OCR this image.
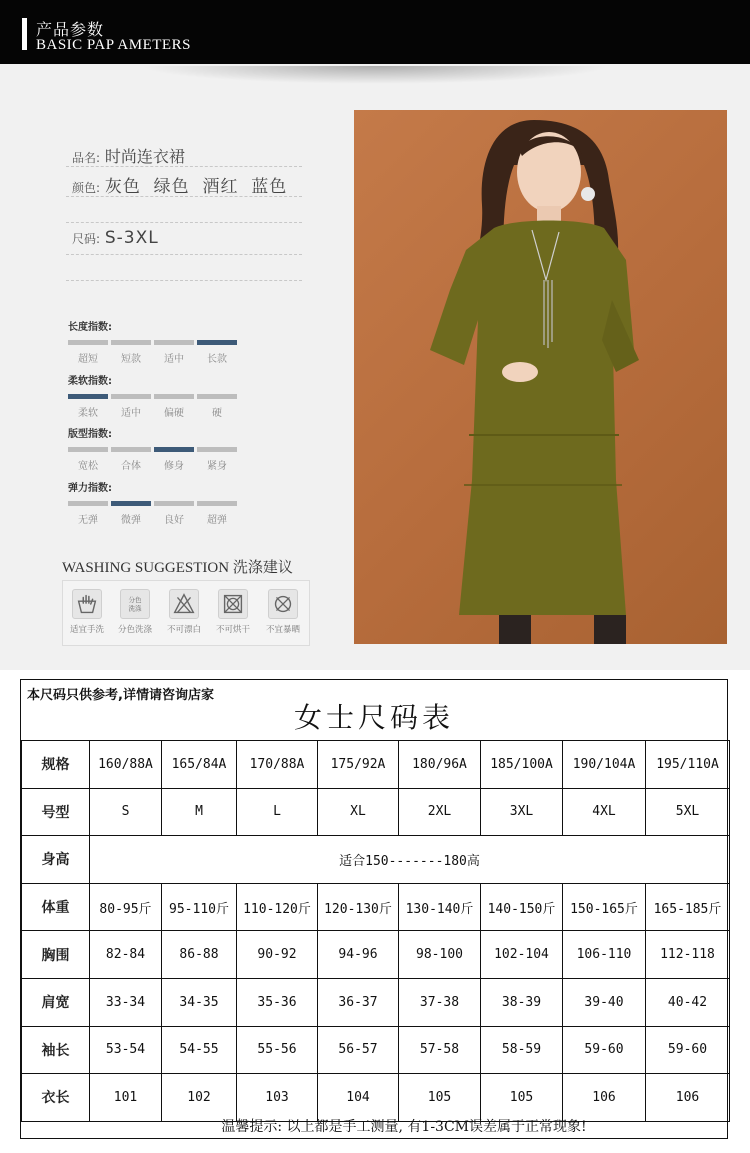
产品参数
BASIC PAP AMETERS
品名: 时尚连衣裙
颜色: 灰色  绿色  酒红  蓝色
尺码: S-3XL
长度指数:
超短	短款	适中	长款
柔软指数:
柔软	适中	偏硬	硬
版型指数:
宽松	合体	修身	紧身
弹力指数:
无弹	微弹	良好	超弹
WASHING SUGGESTION 洗涤建议
适宜手洗
分色
洗涤
分色洗涤	不可漂白	不可烘干	不宜暴晒
本尺码只供参考,详情请咨询店家
女士尺码表
规格	160/88A	165/84A	170/88A	175/92A	180/96A	185/100A	190/104A	195/110A
号型	S	M	L	XL	2XL	3XL	4XL	5XL
身高	适合150-------180高							
体重	80-95斤	95-110斤	110-120斤	120-130斤	130-140斤	140-150斤	150-165斤	165-185斤
胸围	82-84	86-88	90-92	94-96	98-100	102-104	106-110	112-118
肩宽	33-34	34-35	35-36	36-37	37-38	38-39	39-40	40-42
袖长	53-54	54-55	55-56	56-57	57-58	58-59	59-60	59-60
衣长	101	102	103	104	105	105	106	106
温馨提示: 以上都是手工测量, 有1-3CM误差属于正常现象!
